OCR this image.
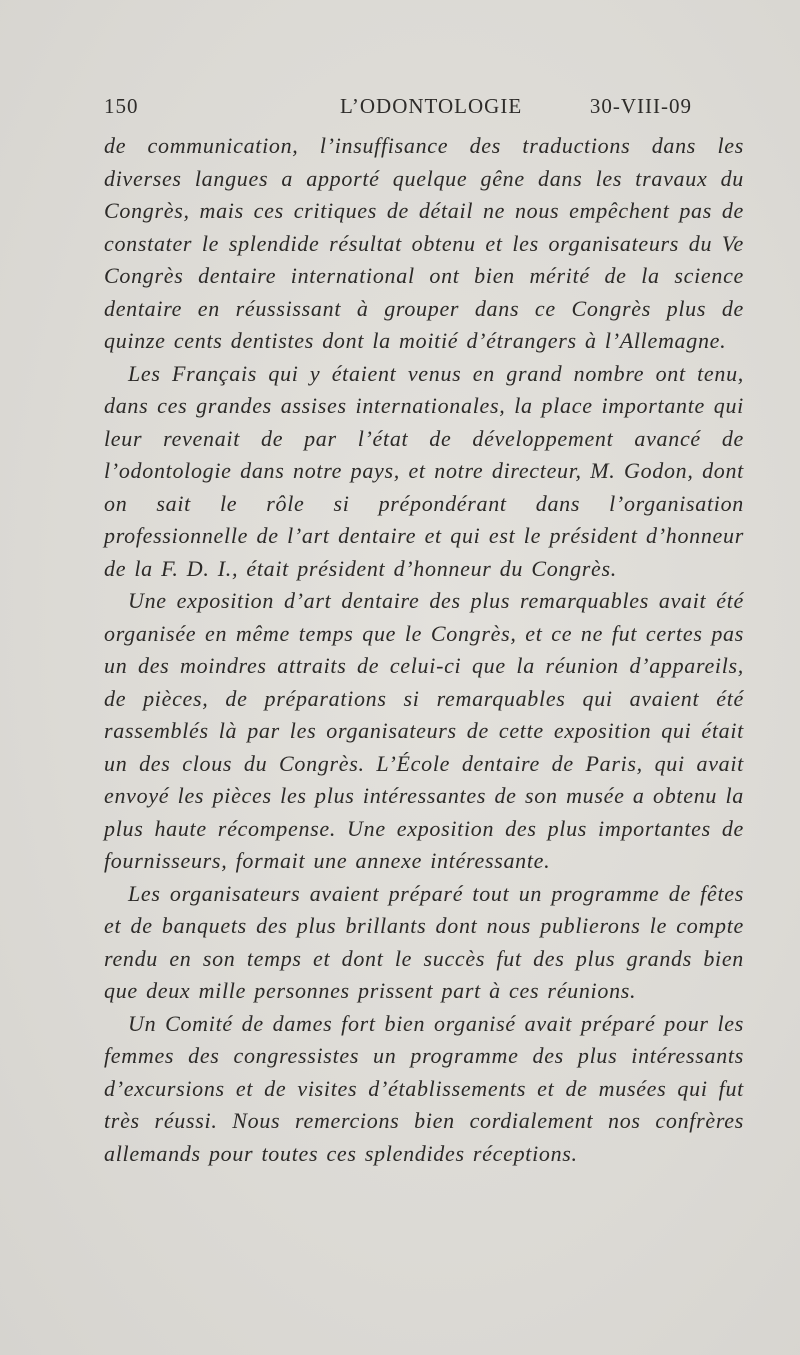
150	L’ODONTOLOGIE	30-VIII-09

de communication, l’insuffisance des traductions dans les diverses langues a apporté quelque gêne dans les travaux du Congrès, mais ces critiques de détail ne nous empêchent pas de constater le splendide résultat obtenu et les organisateurs du Ve Congrès dentaire international ont bien mérité de la science dentaire en réussissant à grouper dans ce Congrès plus de quinze cents dentistes dont la moitié d’étrangers à l’Allemagne.

Les Français qui y étaient venus en grand nombre ont tenu, dans ces grandes assises internationales, la place importante qui leur revenait de par l’état de développement avancé de l’odontologie dans notre pays, et notre directeur, M. Godon, dont on sait le rôle si prépondérant dans l’organisation professionnelle de l’art dentaire et qui est le président d’honneur de la F. D. I., était président d’honneur du Congrès.

Une exposition d’art dentaire des plus remarquables avait été organisée en même temps que le Congrès, et ce ne fut certes pas un des moindres attraits de celui-ci que la réunion d’appareils, de pièces, de préparations si remarquables qui avaient été rassemblés là par les organisateurs de cette exposition qui était un des clous du Congrès. L’École dentaire de Paris, qui avait envoyé les pièces les plus intéressantes de son musée a obtenu la plus haute récompense. Une exposition des plus importantes de fournisseurs, formait une annexe intéressante.

Les organisateurs avaient préparé tout un programme de fêtes et de banquets des plus brillants dont nous publierons le compte rendu en son temps et dont le succès fut des plus grands bien que deux mille personnes prissent part à ces réunions.

Un Comité de dames fort bien organisé avait préparé pour les femmes des congressistes un programme des plus intéressants d’excursions et de visites d’établissements et de musées qui fut très réussi. Nous remercions bien cordialement nos confrères allemands pour toutes ces splendides réceptions.
